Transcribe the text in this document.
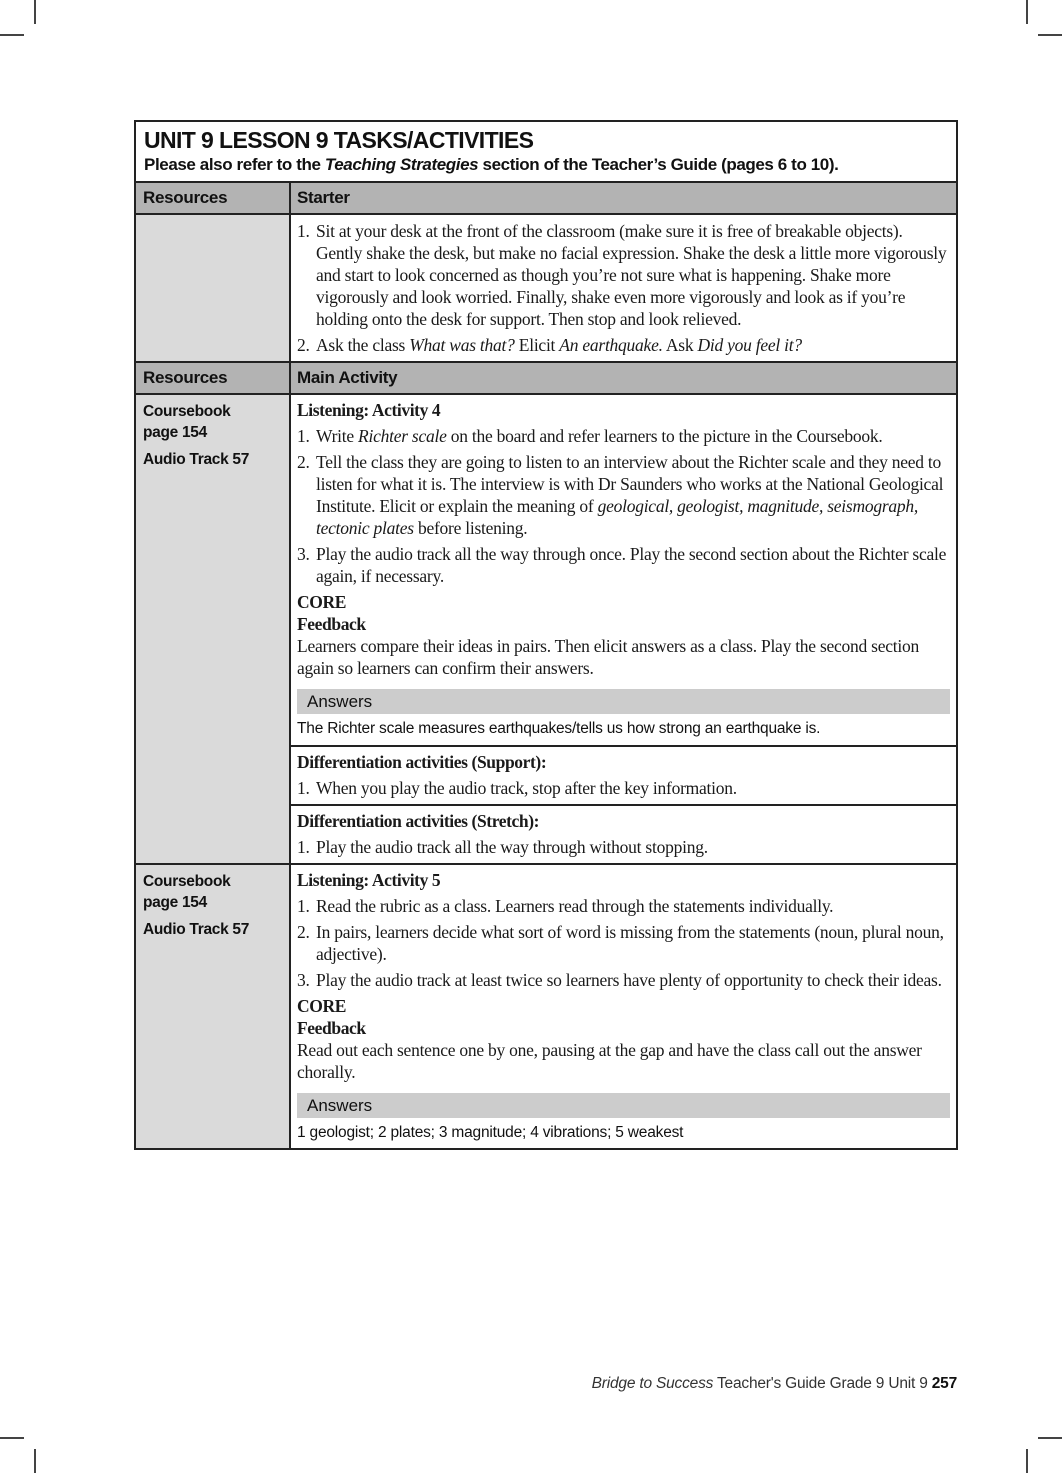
UNIT 9 LESSON 9 TASKS/ACTIVITIES
Please also refer to the Teaching Strategies section of the Teacher’s Guide (pages 6 to 10).
Resources	Starter
1. Sit at your desk at the front of the classroom (make sure it is free of breakable objects). Gently shake the desk, but make no facial expression. Shake the desk a little more vigorously and start to look concerned as though you’re not sure what is happening. Shake more vigorously and look worried. Finally, shake even more vigorously and look as if you’re holding onto the desk for support. Then stop and look relieved.
2. Ask the class What was that? Elicit An earthquake. Ask Did you feel it?
Resources	Main Activity
Coursebook
page 154
Audio Track 57
Listening: Activity 4
1. Write Richter scale on the board and refer learners to the picture in the Coursebook.
2. Tell the class they are going to listen to an interview about the Richter scale and they need to listen for what it is. The interview is with Dr Saunders who works at the National Geological Institute. Elicit or explain the meaning of geological, geologist, magnitude, seismograph, tectonic plates before listening.
3. Play the audio track all the way through once. Play the second section about the Richter scale again, if necessary.
CORE
Feedback
Learners compare their ideas in pairs. Then elicit answers as a class. Play the second section again so learners can confirm their answers.
Answers
The Richter scale measures earthquakes/tells us how strong an earthquake is.
Differentiation activities (Support):
1. When you play the audio track, stop after the key information.
Differentiation activities (Stretch):
1. Play the audio track all the way through without stopping.
Coursebook
page 154
Audio Track 57
Listening: Activity 5
1. Read the rubric as a class. Learners read through the statements individually.
2. In pairs, learners decide what sort of word is missing from the statements (noun, plural noun, adjective).
3. Play the audio track at least twice so learners have plenty of opportunity to check their ideas.
CORE
Feedback
Read out each sentence one by one, pausing at the gap and have the class call out the answer chorally.
Answers
1 geologist; 2 plates; 3 magnitude; 4 vibrations; 5 weakest
Bridge to Success Teacher's Guide Grade 9 Unit 9 257
